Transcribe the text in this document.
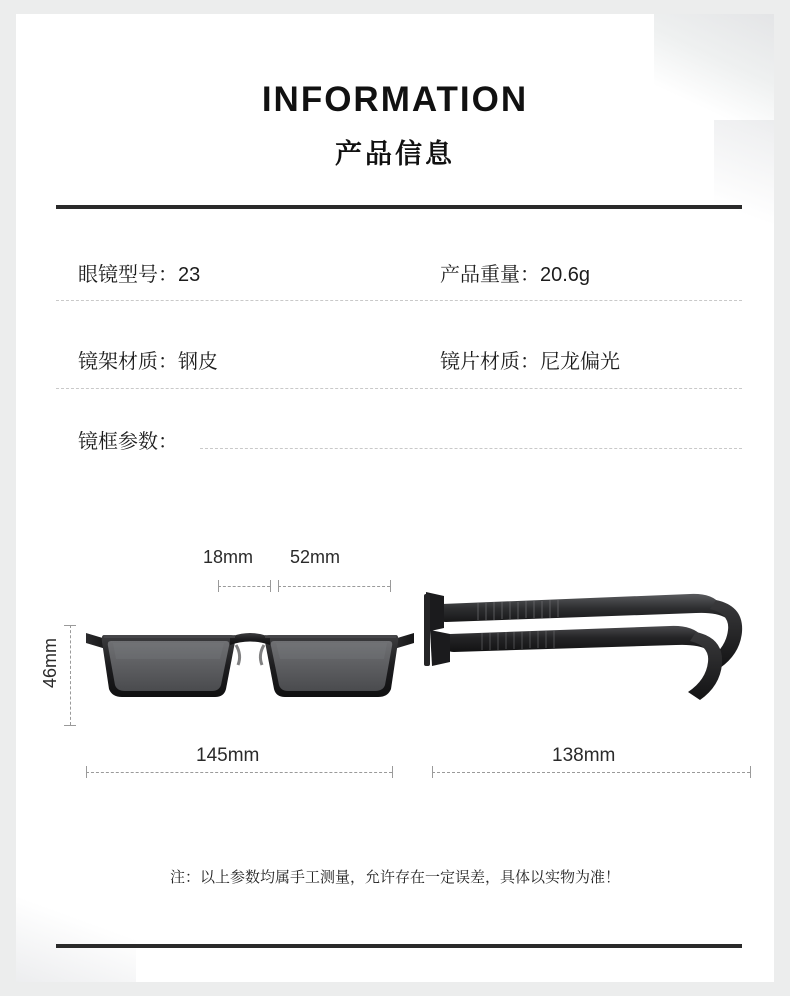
INFORMATION
产品信息
眼镜型号：23	产品重量：20.6g
镜架材质：钢皮	镜片材质：尼龙偏光
镜框参数：
18mm 52mm
46mm
145mm	138mm
注：以上参数均属手工测量，允许存在一定误差，具体以实物为准！
